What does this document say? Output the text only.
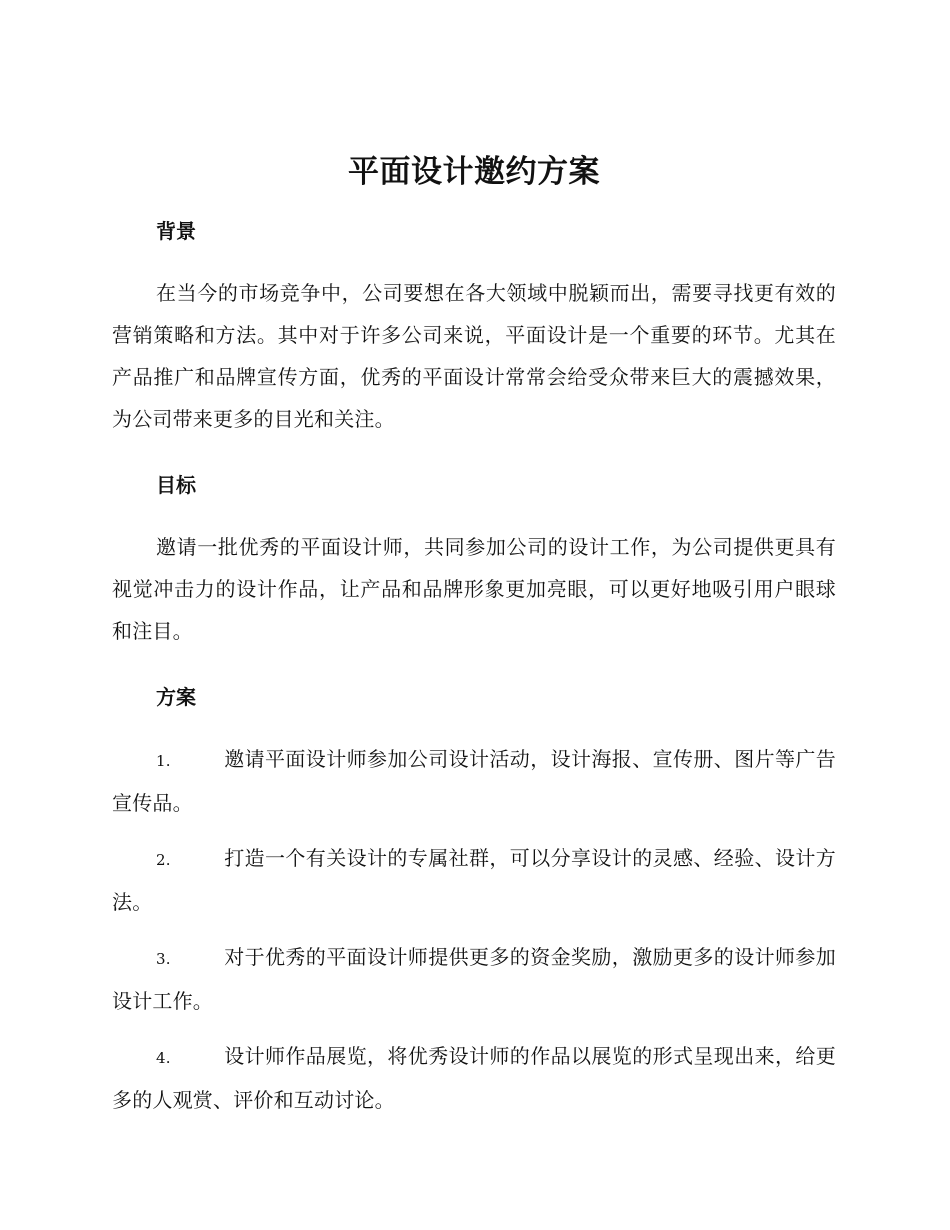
平面设计邀约方案
背景

在当今的市场竞争中，公司要想在各大领域中脱颖而出，需要寻找更有效的营销策略和方法。其中对于许多公司来说，平面设计是一个重要的环节。尤其在产品推广和品牌宣传方面，优秀的平面设计常常会给受众带来巨大的震撼效果，为公司带来更多的目光和关注。

目标

邀请一批优秀的平面设计师，共同参加公司的设计工作，为公司提供更具有视觉冲击力的设计作品，让产品和品牌形象更加亮眼，可以更好地吸引用户眼球和注目。

方案
1.	邀请平面设计师参加公司设计活动，设计海报、宣传册、图片等广告宣传品。
2.	打造一个有关设计的专属社群，可以分享设计的灵感、经验、设计方法。
3.	对于优秀的平面设计师提供更多的资金奖励，激励更多的设计师参加设计工作。
4.	设计师作品展览，将优秀设计师的作品以展览的形式呈现出来，给更多的人观赏、评价和互动讨论。
